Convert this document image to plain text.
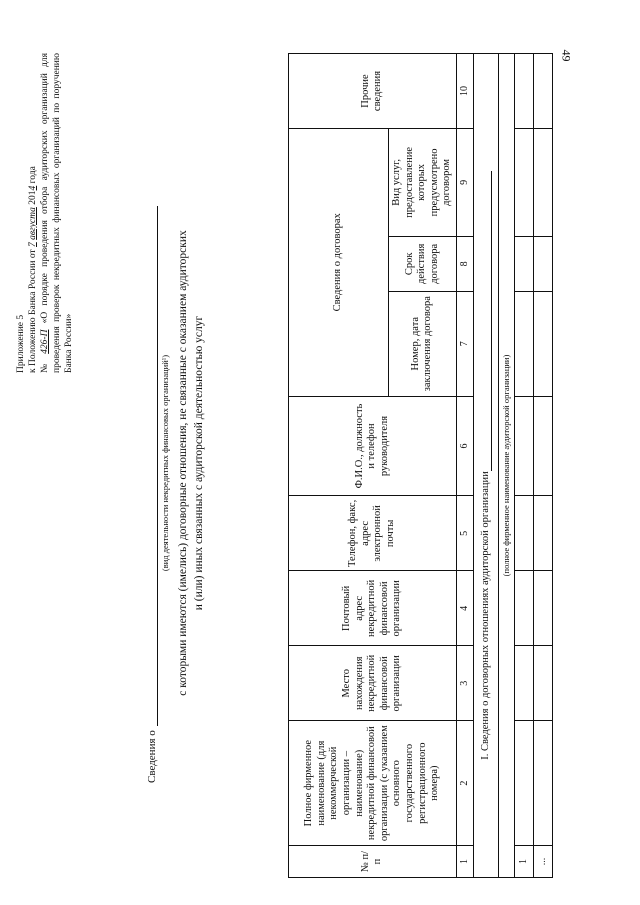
49
Приложение 5 к Положению Банка России от 7 августа 2014 года
№ 426-П «О порядке проведения отбора аудиторских организаций для проведения проверок некредитных финансовых организаций по поручению Банка России»
Сведения о
(вид деятельности некредитных финансовых организаций¹) с которыми имеются (имелись) договорные отношения, не связанные с оказанием аудиторских и (или) иных связанных с аудиторской деятельностью услуг
№ п/п	Полное фирменное наименование (для некоммерческой организации – наименование) некредитной финансовой организации (с указанием основного государственного регистрационного номера)	Место нахождения некредитной финансовой организации	Почтовый адрес некредитной финансовой организации	Телефон, факс, адрес электронной почты	Ф.И.О., должность и телефон руководителя	Сведения о договорах			Прочие сведения
						Номер, дата заключения договора	Срок действия договора	Вид услуг, предоставление которых предусмотрено договором	
1	2	3	4	5	6	7	8	9	10
I. Сведения о договорных отношениях аудиторской организации									
(полное фирменное наименование аудиторской организации)									
1									
...									
